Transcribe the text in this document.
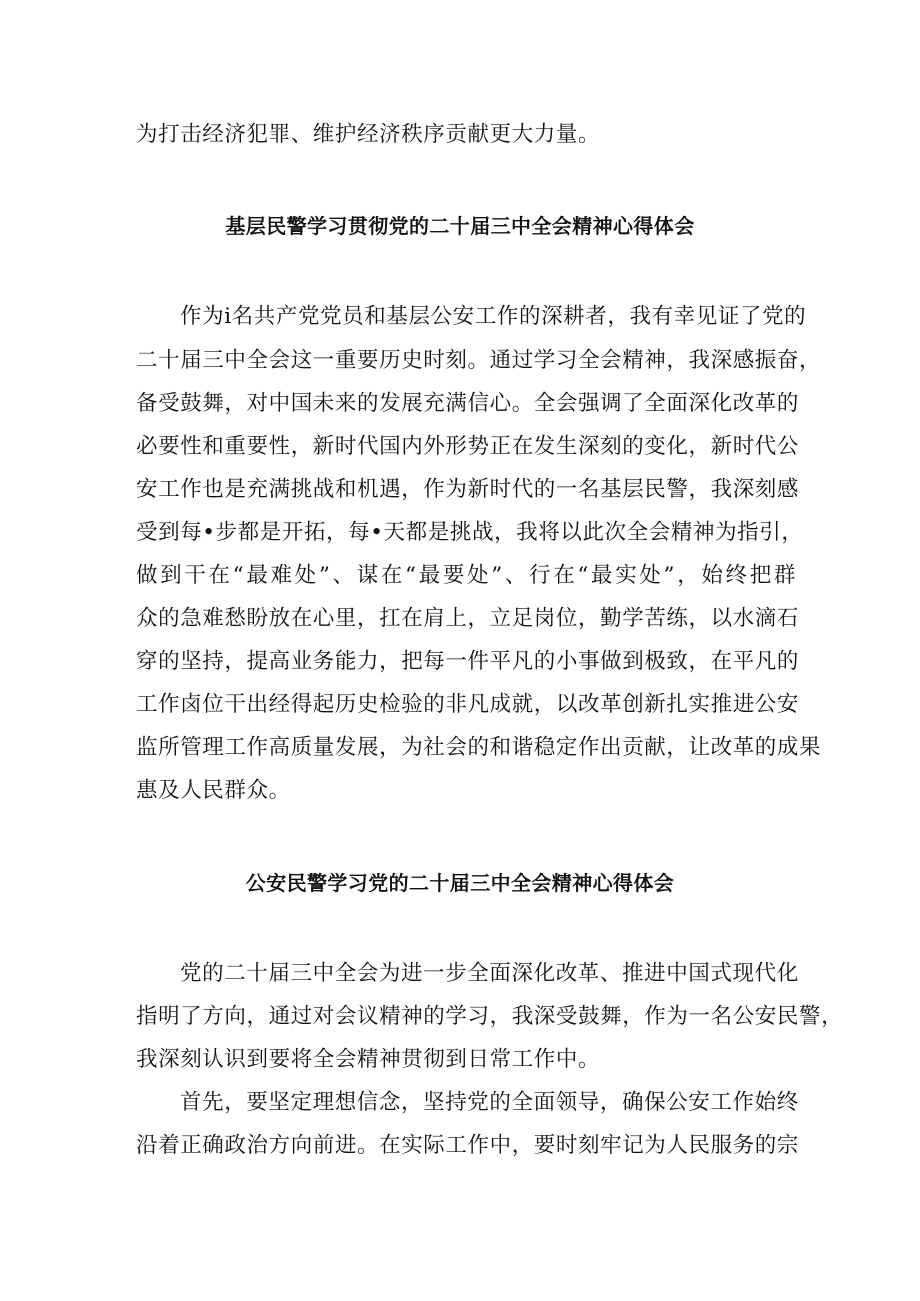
为打击经济犯罪、维护经济秩序贡献更大力量。
基层民警学习贯彻党的二十届三中全会精神心得体会
作为i名共产党党员和基层公安工作的深耕者，我有幸见证了党的
二十届三中全会这一重要历史时刻。通过学习全会精神，我深感振奋，
备受鼓舞，对中国未来的发展充满信心。全会强调了全面深化改革的
必要性和重要性，新时代国内外形势正在发生深刻的变化，新时代公
安工作也是充满挑战和机遇，作为新时代的一名基层民警，我深刻感
受到每•步都是开拓，每•天都是挑战，我将以此次全会精神为指引，
做到干在“最难处”、谋在“最要处”、行在“最实处”，始终把群
众的急难愁盼放在心里，扛在肩上，立足岗位，勤学苦练，以水滴石
穿的坚持，提高业务能力，把每一件平凡的小事做到极致，在平凡的
工作卤位干出经得起历史检验的非凡成就，以改革创新扎实推进公安
监所管理工作高质量发展，为社会的和谐稳定作出贡献，让改革的成果
惠及人民群众。
公安民警学习党的二十届三中全会精神心得体会
党的二十届三中全会为进一步全面深化改革、推进中国式现代化
指明了方向，通过对会议精神的学习，我深受鼓舞，作为一名公安民警，
我深刻认识到要将全会精神贯彻到日常工作中。
首先，要坚定理想信念，坚持党的全面领导，确保公安工作始终
沿着正确政治方向前进。在实际工作中，要时刻牢记为人民服务的宗
